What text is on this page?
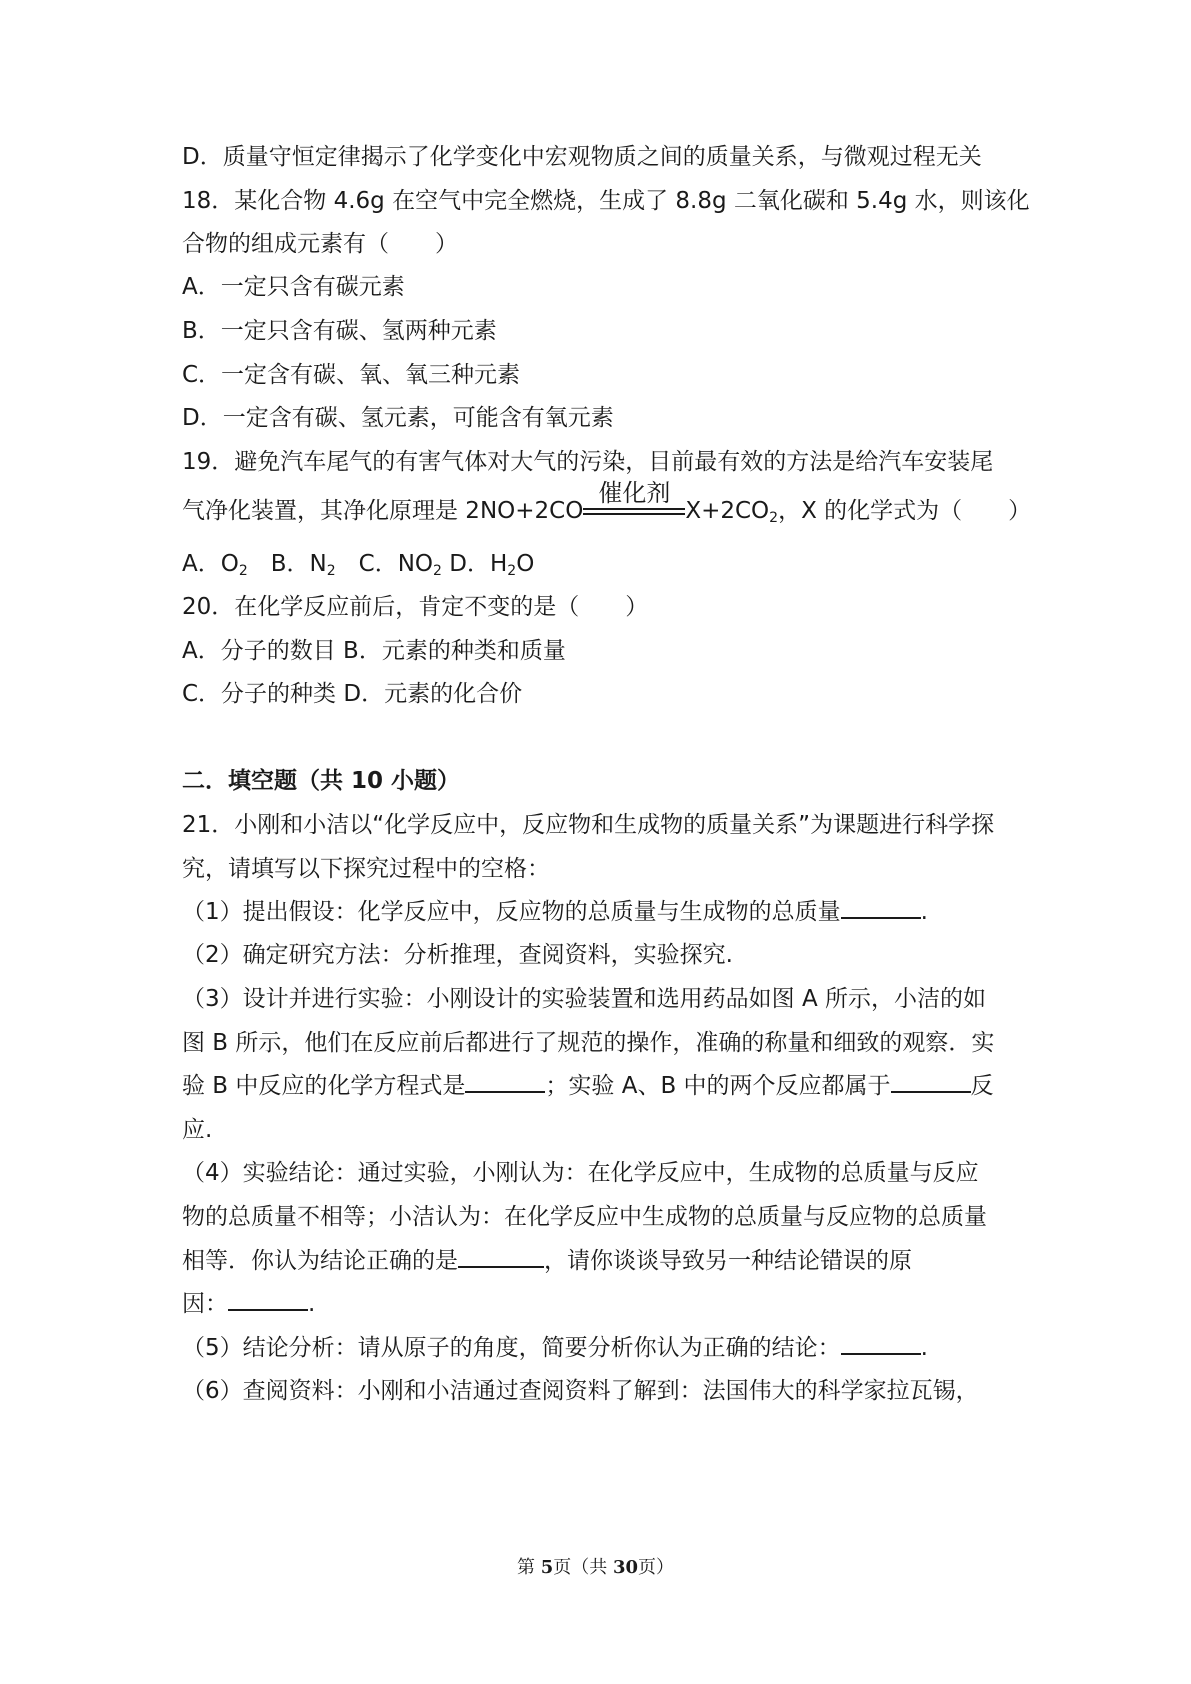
D．质量守恒定律揭示了化学变化中宏观物质之间的质量关系，与微观过程无关
18．某化合物 4.6g 在空气中完全燃烧，生成了 8.8g 二氧化碳和 5.4g 水，则该化
合物的组成元素有（　　）
A．一定只含有碳元素
B．一定只含有碳、氢两种元素
C．一定含有碳、氧、氧三种元素
D．一定含有碳、氢元素，可能含有氧元素
19．避免汽车尾气的有害气体对大气的污染，目前最有效的方法是给汽车安装尾
气净化装置，其净化原理是 2NO+2CO
催化剂
$X+2CO_2$，X 的化学式为（　　）
A．$O_2$　B．$N_2$　C．$NO_2$ D．$H_2O$
20．在化学反应前后，肯定不变的是（　　）
A．分子的数目 B．元素的种类和质量
C．分子的种类 D．元素的化合价
二．填空题（共 10 小题）
21．小刚和小洁以“化学反应中，反应物和生成物的质量关系”为课题进行科学探
究，请填写以下探究过程中的空格：
（1）提出假设：化学反应中，反应物的总质量与生成物的总质量	.
（2）确定研究方法：分析推理，查阅资料，实验探究.
（3）设计并进行实验：小刚设计的实验装置和选用药品如图 A 所示，小洁的如
图 B 所示，他们在反应前后都进行了规范的操作，准确的称量和细致的观察．实
验 B 中反应的化学方程式是	；实验 A、B 中的两个反应都属于	反
应.
（4）实验结论：通过实验，小刚认为：在化学反应中，生成物的总质量与反应
物的总质量不相等；小洁认为：在化学反应中生成物的总质量与反应物的总质量
相等．你认为结论正确的是	，请你谈谈导致另一种结论错误的原
因：	.
（5）结论分析：请从原子的角度，简要分析你认为正确的结论：	.
（6）查阅资料：小刚和小洁通过查阅资料了解到：法国伟大的科学家拉瓦锡，
第 5页（共 30页）
